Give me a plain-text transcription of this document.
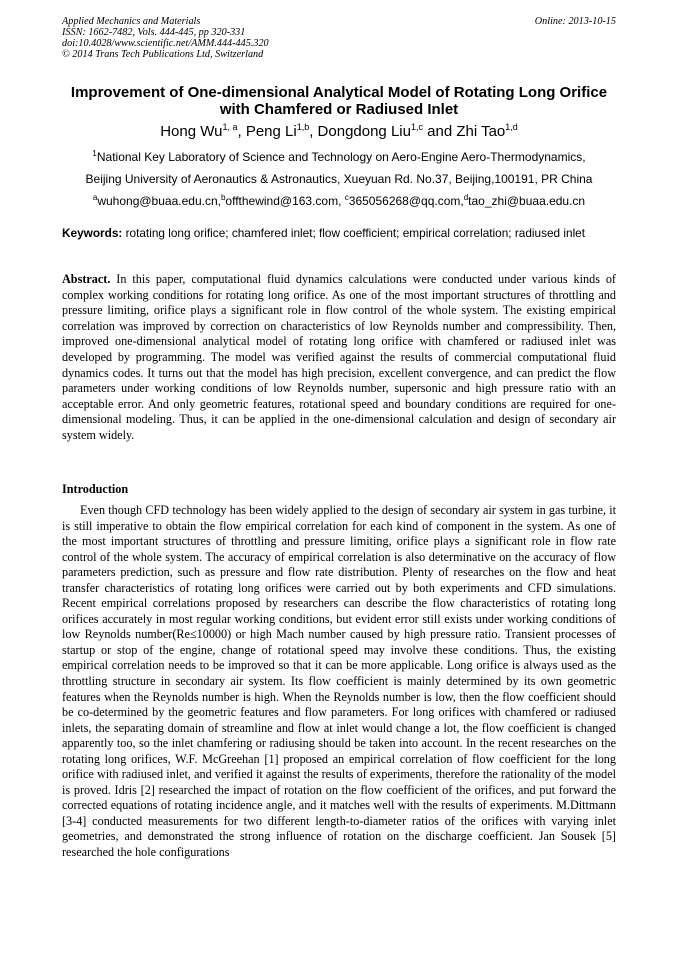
Applied Mechanics and Materials
ISSN: 1662-7482, Vols. 444-445, pp 320-331
doi:10.4028/www.scientific.net/AMM.444-445.320
© 2014 Trans Tech Publications Ltd, Switzerland
Online: 2013-10-15
Improvement of One-dimensional Analytical Model of Rotating Long Orifice with Chamfered or Radiused Inlet
Hong Wu$^{1, a}$, Peng Li$^{1,b}$, Dongdong Liu$^{1,c}$ and Zhi Tao$^{1,d}$
$^1$National Key Laboratory of Science and Technology on Aero-Engine Aero-Thermodynamics,
Beijing University of Aeronautics & Astronautics, Xueyuan Rd. No.37, Beijing,100191, PR China
$^a$wuhong@buaa.edu.cn,$^b$offthewind@163.com, $^c$365056268@qq.com,$^d$tao_zhi@buaa.edu.cn
Keywords: rotating long orifice; chamfered inlet; flow coefficient; empirical correlation; radiused inlet
Abstract. In this paper, computational fluid dynamics calculations were conducted under various kinds of complex working conditions for rotating long orifice. As one of the most important structures of throttling and pressure limiting, orifice plays a significant role in flow control of the whole system. The existing empirical correlation was improved by correction on characteristics of low Reynolds number and compressibility. Then, improved one-dimensional analytical model of rotating long orifice with chamfered or radiused inlet was developed by programming. The model was verified against the results of commercial computational fluid dynamics codes. It turns out that the model has high precision, excellent convergence, and can predict the flow parameters under working conditions of low Reynolds number, supersonic and high pressure ratio with an acceptable error. And only geometric features, rotational speed and boundary conditions are required for one-dimensional modeling. Thus, it can be applied in the one-dimensional calculation and design of secondary air system widely.
Introduction
Even though CFD technology has been widely applied to the design of secondary air system in gas turbine, it is still imperative to obtain the flow empirical correlation for each kind of component in the system. As one of the most important structures of throttling and pressure limiting, orifice plays a significant role in flow rate control of the whole system. The accuracy of empirical correlation is also determinative on the accuracy of flow parameters prediction, such as pressure and flow rate distribution. Plenty of researches on the flow and heat transfer characteristics of rotating long orifices were carried out by both experiments and CFD simulations. Recent empirical correlations proposed by researchers can describe the flow characteristics of rotating long orifices accurately in most regular working conditions, but evident error still exists under working conditions of low Reynolds number(Re≤10000) or high Mach number caused by high pressure ratio. Transient processes of startup or stop of the engine, change of rotational speed may involve these conditions. Thus, the existing empirical correlation needs to be improved so that it can be more applicable. Long orifice is always used as the throttling structure in secondary air system. Its flow coefficient is mainly determined by its own geometric features when the Reynolds number is high. When the Reynolds number is low, then the flow coefficient should be co-determined by the geometric features and flow parameters. For long orifices with chamfered or radiused inlets, the separating domain of streamline and flow at inlet would change a lot, the flow coefficient is changed apparently too, so the inlet chamfering or radiusing should be taken into account. In the recent researches on the rotating long orifices, W.F. McGreehan [1] proposed an empirical correlation of flow coefficient for the long orifice with radiused inlet, and verified it against the results of experiments, therefore the rationality of the model is proved. Idris [2] researched the impact of rotation on the flow coefficient of the orifices, and put forward the corrected equations of rotating incidence angle, and it matches well with the results of experiments. M.Dittmann [3-4] conducted measurements for two different length-to-diameter ratios of the orifices with varying inlet geometries, and demonstrated the strong influence of rotation on the discharge coefficient. Jan Sousek [5] researched the hole configurations
